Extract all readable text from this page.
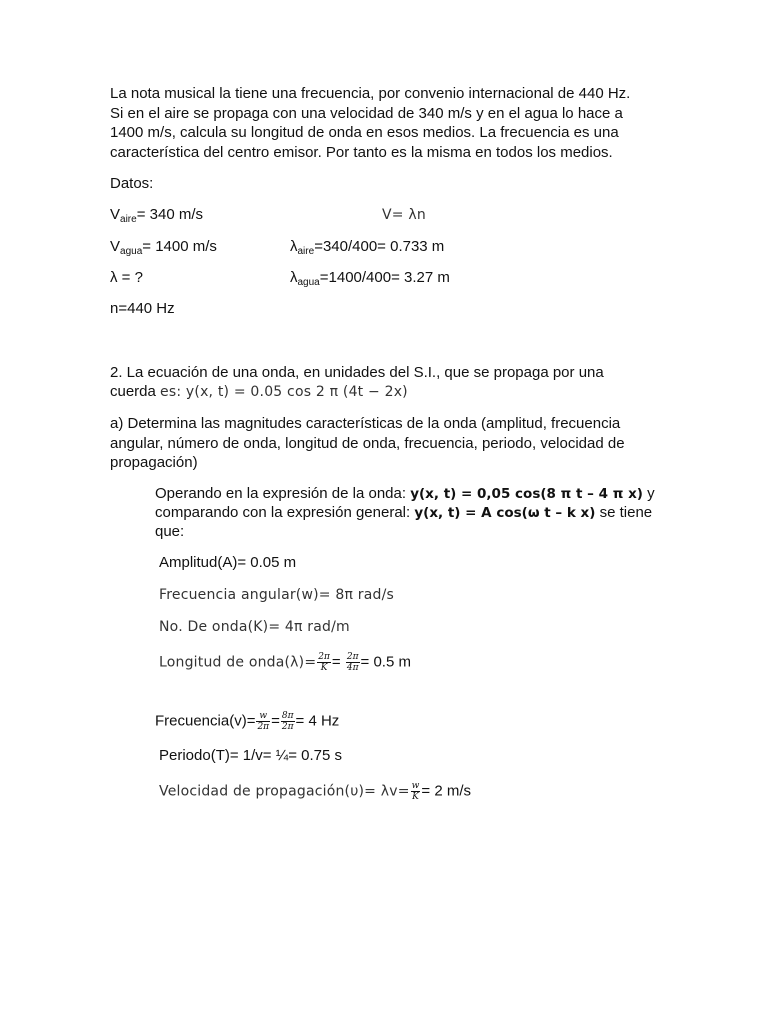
La nota musical la tiene una frecuencia, por convenio internacional de 440 Hz.
Si en el aire se propaga con una velocidad de 340 m/s y en el agua lo hace a
1400 m/s, calcula su longitud de onda en esos medios. La frecuencia es una
característica del centro emisor. Por tanto es la misma en todos los medios.
Datos:
$V_{aire}= 340$ m/s	V= λn
$V_{agua}= 1400$ m/s	$\lambda_{aire}=340/400= 0.733$ m
λ = ?	$\lambda_{agua}=1400/400= 3.27$ m
n=440 Hz
2. La ecuación de una onda, en unidades del S.I., que se propaga por una
cuerda es: y(x, t) = 0.05 cos 2 π (4t − 2x)
a) Determina las magnitudes características de la onda (amplitud, frecuencia
angular, número de onda, longitud de onda, frecuencia, periodo, velocidad de
propagación)
Operando en la expresión de la onda: y(x, t) = 0,05 cos(8 π t – 4 π x) y
comparando con la expresión general: y(x, t) = A cos(ω t – k x) se tiene
que:
Amplitud(A)= 0.05 m
Frecuencia angular(w)= 8π rad/s
No. De onda(K)= 4π rad/m
Longitud de onda(λ)= $\frac{2\pi}{K} = \frac{2\pi}{4\pi} = 0.5$ m
Frecuencia(v)= $\frac{w}{2\pi} = \frac{8\pi}{2\pi} = 4$ Hz
Periodo(T)= 1/v= ¼= 0.75 s
Velocidad de propagación(υ)= $\lambda v= \frac{w}{K} = 2$ m/s
